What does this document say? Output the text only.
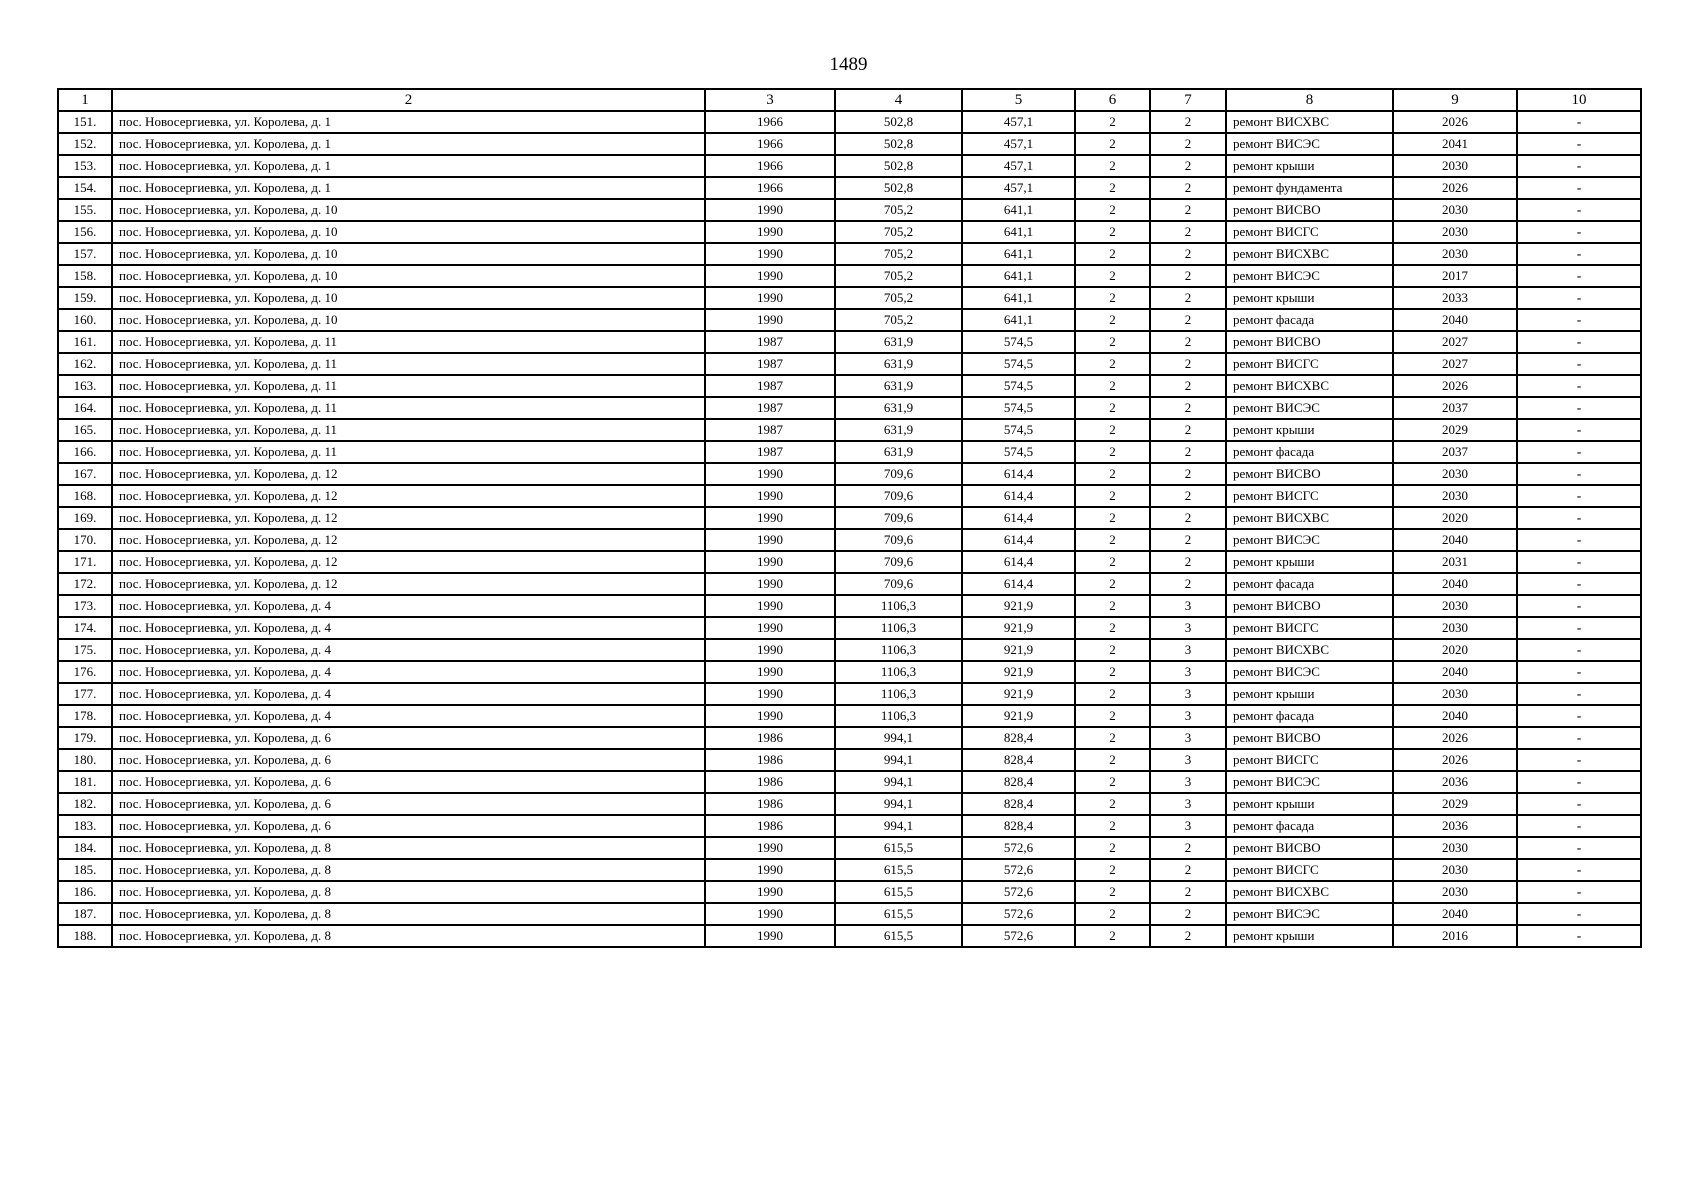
1489
1	2	3	4	5	6	7	8	9	10
151.	пос. Новосергиевка, ул. Королева, д. 1	1966	502,8	457,1	2	2	ремонт ВИСХВС	2026	-
152.	пос. Новосергиевка, ул. Королева, д. 1	1966	502,8	457,1	2	2	ремонт ВИСЭС	2041	-
153.	пос. Новосергиевка, ул. Королева, д. 1	1966	502,8	457,1	2	2	ремонт крыши	2030	-
154.	пос. Новосергиевка, ул. Королева, д. 1	1966	502,8	457,1	2	2	ремонт фундамента	2026	-
155.	пос. Новосергиевка, ул. Королева, д. 10	1990	705,2	641,1	2	2	ремонт ВИСВО	2030	-
156.	пос. Новосергиевка, ул. Королева, д. 10	1990	705,2	641,1	2	2	ремонт ВИСГС	2030	-
157.	пос. Новосергиевка, ул. Королева, д. 10	1990	705,2	641,1	2	2	ремонт ВИСХВС	2030	-
158.	пос. Новосергиевка, ул. Королева, д. 10	1990	705,2	641,1	2	2	ремонт ВИСЭС	2017	-
159.	пос. Новосергиевка, ул. Королева, д. 10	1990	705,2	641,1	2	2	ремонт крыши	2033	-
160.	пос. Новосергиевка, ул. Королева, д. 10	1990	705,2	641,1	2	2	ремонт фасада	2040	-
161.	пос. Новосергиевка, ул. Королева, д. 11	1987	631,9	574,5	2	2	ремонт ВИСВО	2027	-
162.	пос. Новосергиевка, ул. Королева, д. 11	1987	631,9	574,5	2	2	ремонт ВИСГС	2027	-
163.	пос. Новосергиевка, ул. Королева, д. 11	1987	631,9	574,5	2	2	ремонт ВИСХВС	2026	-
164.	пос. Новосергиевка, ул. Королева, д. 11	1987	631,9	574,5	2	2	ремонт ВИСЭС	2037	-
165.	пос. Новосергиевка, ул. Королева, д. 11	1987	631,9	574,5	2	2	ремонт крыши	2029	-
166.	пос. Новосергиевка, ул. Королева, д. 11	1987	631,9	574,5	2	2	ремонт фасада	2037	-
167.	пос. Новосергиевка, ул. Королева, д. 12	1990	709,6	614,4	2	2	ремонт ВИСВО	2030	-
168.	пос. Новосергиевка, ул. Королева, д. 12	1990	709,6	614,4	2	2	ремонт ВИСГС	2030	-
169.	пос. Новосергиевка, ул. Королева, д. 12	1990	709,6	614,4	2	2	ремонт ВИСХВС	2020	-
170.	пос. Новосергиевка, ул. Королева, д. 12	1990	709,6	614,4	2	2	ремонт ВИСЭС	2040	-
171.	пос. Новосергиевка, ул. Королева, д. 12	1990	709,6	614,4	2	2	ремонт крыши	2031	-
172.	пос. Новосергиевка, ул. Королева, д. 12	1990	709,6	614,4	2	2	ремонт фасада	2040	-
173.	пос. Новосергиевка, ул. Королева, д. 4	1990	1106,3	921,9	2	3	ремонт ВИСВО	2030	-
174.	пос. Новосергиевка, ул. Королева, д. 4	1990	1106,3	921,9	2	3	ремонт ВИСГС	2030	-
175.	пос. Новосергиевка, ул. Королева, д. 4	1990	1106,3	921,9	2	3	ремонт ВИСХВС	2020	-
176.	пос. Новосергиевка, ул. Королева, д. 4	1990	1106,3	921,9	2	3	ремонт ВИСЭС	2040	-
177.	пос. Новосергиевка, ул. Королева, д. 4	1990	1106,3	921,9	2	3	ремонт крыши	2030	-
178.	пос. Новосергиевка, ул. Королева, д. 4	1990	1106,3	921,9	2	3	ремонт фасада	2040	-
179.	пос. Новосергиевка, ул. Королева, д. 6	1986	994,1	828,4	2	3	ремонт ВИСВО	2026	-
180.	пос. Новосергиевка, ул. Королева, д. 6	1986	994,1	828,4	2	3	ремонт ВИСГС	2026	-
181.	пос. Новосергиевка, ул. Королева, д. 6	1986	994,1	828,4	2	3	ремонт ВИСЭС	2036	-
182.	пос. Новосергиевка, ул. Королева, д. 6	1986	994,1	828,4	2	3	ремонт крыши	2029	-
183.	пос. Новосергиевка, ул. Королева, д. 6	1986	994,1	828,4	2	3	ремонт фасада	2036	-
184.	пос. Новосергиевка, ул. Королева, д. 8	1990	615,5	572,6	2	2	ремонт ВИСВО	2030	-
185.	пос. Новосергиевка, ул. Королева, д. 8	1990	615,5	572,6	2	2	ремонт ВИСГС	2030	-
186.	пос. Новосергиевка, ул. Королева, д. 8	1990	615,5	572,6	2	2	ремонт ВИСХВС	2030	-
187.	пос. Новосергиевка, ул. Королева, д. 8	1990	615,5	572,6	2	2	ремонт ВИСЭС	2040	-
188.	пос. Новосергиевка, ул. Королева, д. 8	1990	615,5	572,6	2	2	ремонт крыши	2016	-
